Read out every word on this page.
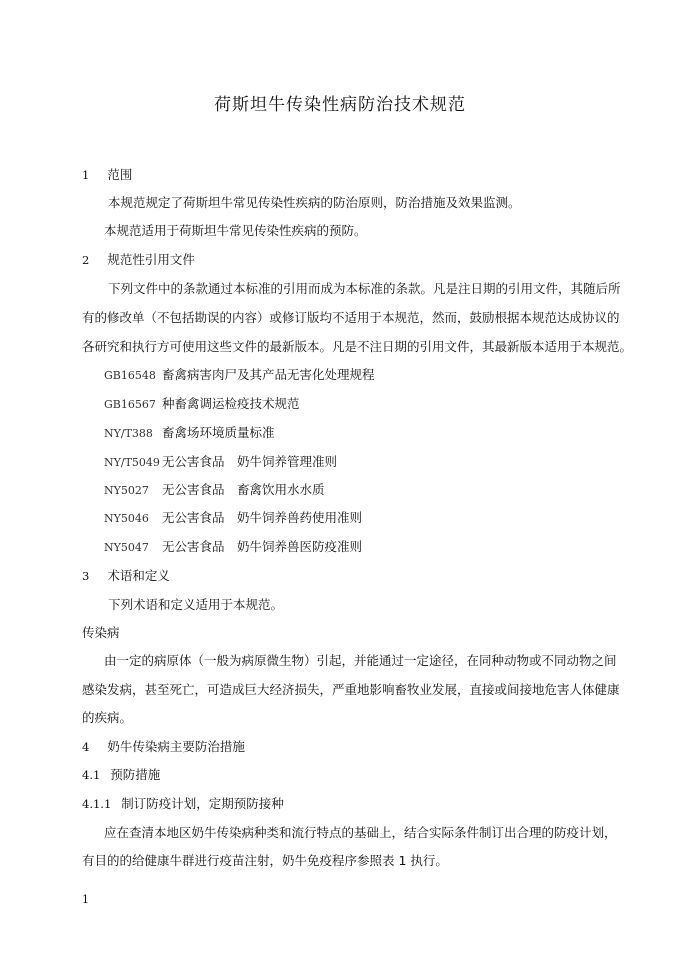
荷斯坦牛传染性病防治技术规范
1 范围
本规范规定了荷斯坦牛常见传染性疾病的防治原则，防治措施及效果监测。
本规范适用于荷斯坦牛常见传染性疾病的预防。
2 规范性引用文件
下列文件中的条款通过本标准的引用而成为本标准的条款。凡是注日期的引用文件，其随后所
有的修改单（不包括勘误的内容）或修订版均不适用于本规范，然而，鼓励根据本规范达成协议的
各研究和执行方可使用这些文件的最新版本。凡是不注日期的引用文件，其最新版本适用于本规范。
GB16548 畜禽病害肉尸及其产品无害化处理规程
GB16567 种畜禽调运检疫技术规范
NY/T388 畜禽场环境质量标准
NY/T5049 无公害食品　奶牛饲养管理准则
NY5027 无公害食品　畜禽饮用水水质
NY5046 无公害食品　奶牛饲养兽药使用准则
NY5047 无公害食品　奶牛饲养兽医防疫准则
3 术语和定义
下列术语和定义适用于本规范。
传染病
由一定的病原体（一般为病原微生物）引起，并能通过一定途径，在同种动物或不同动物之间
感染发病，甚至死亡，可造成巨大经济损失，严重地影响畜牧业发展，直接或间接地危害人体健康
的疾病。
4 奶牛传染病主要防治措施
4.1 预防措施
4.1.1 制订防疫计划，定期预防接种
应在查清本地区奶牛传染病种类和流行特点的基础上，结合实际条件制订出合理的防疫计划，
有目的的给健康牛群进行疫苗注射，奶牛免疫程序参照表 1 执行。
1
